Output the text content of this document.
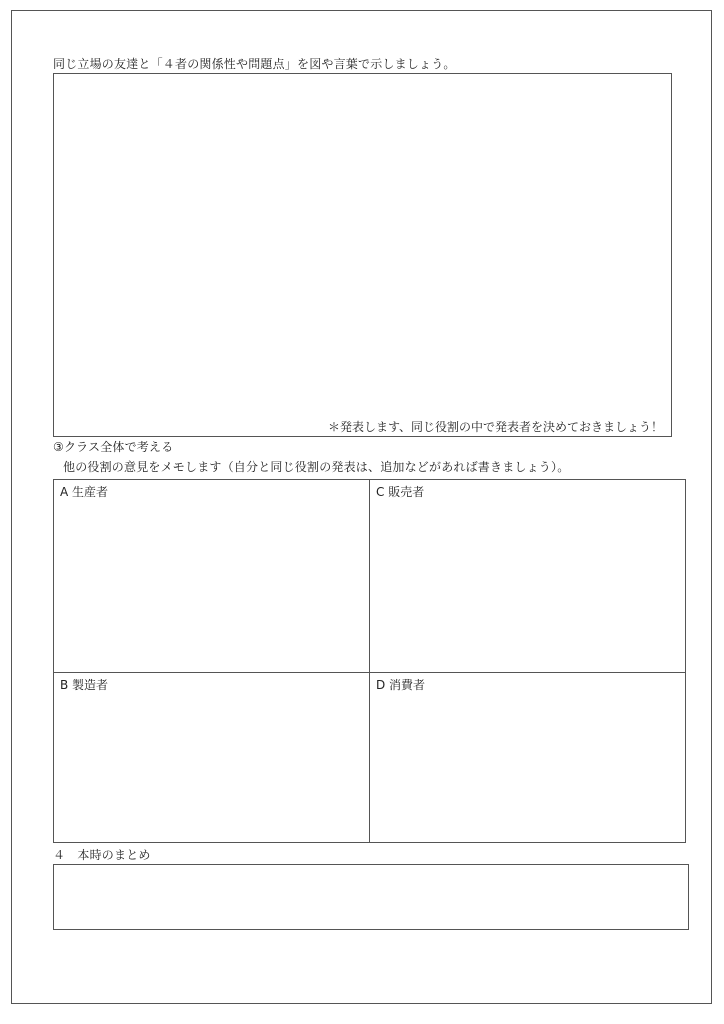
同じ立場の友達と「４者の関係性や問題点」を図や言葉で示しましょう。
＊発表します、同じ役割の中で発表者を決めておきましょう！
③クラス全体で考える
他の役割の意見をメモします（自分と同じ役割の発表は、追加などがあれば書きましょう）。
A 生産者	C 販売者
B 製造者	D 消費者
４　本時のまとめ
